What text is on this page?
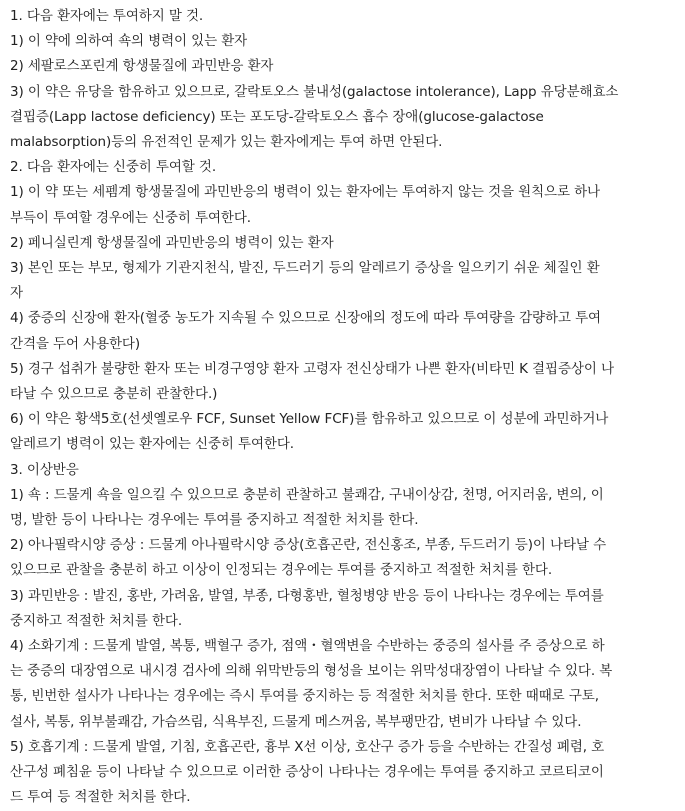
1. 다음 환자에는 투여하지 말 것.
1) 이 약에 의하여 쇽의 병력이 있는 환자
2) 세팔로스포린계 항생물질에 과민반응 환자
3) 이 약은 유당을 함유하고 있으므로, 갈락토오스 불내성(galactose intolerance), Lapp 유당분해효소
결핍증(Lapp lactose deficiency) 또는 포도당-갈락토오스 흡수 장애(glucose-galactose
malabsorption)등의 유전적인 문제가 있는 환자에게는 투여 하면 안된다.
2. 다음 환자에는 신중히 투여할 것.
1) 이 약 또는 세펨계 항생물질에 과민반응의 병력이 있는 환자에는 투여하지 않는 것을 원칙으로 하나
부득이 투여할 경우에는 신중히 투여한다.
2) 페니실린계 항생물질에 과민반응의 병력이 있는 환자
3) 본인 또는 부모, 형제가 기관지천식, 발진, 두드러기 등의 알레르기 증상을 일으키기 쉬운 체질인 환
자
4) 중증의 신장애 환자(혈중 농도가 지속될 수 있으므로 신장애의 정도에 따라 투여량을 감량하고 투여
간격을 두어 사용한다)
5) 경구 섭취가 불량한 환자 또는 비경구영양 환자 고령자 전신상태가 나쁜 환자(비타민 K 결핍증상이 나
타날 수 있으므로 충분히 관찰한다.)
6) 이 약은 황색5호(선셋옐로우 FCF, Sunset Yellow FCF)를 함유하고 있으므로 이 성분에 과민하거나
알레르기 병력이 있는 환자에는 신중히 투여한다.
3. 이상반응
1) 쇽 : 드물게 쇽을 일으킬 수 있으므로 충분히 관찰하고 불쾌감, 구내이상감, 천명, 어지러움, 변의, 이
명, 발한 등이 나타나는 경우에는 투여를 중지하고 적절한 처치를 한다.
2) 아나필락시양 증상 : 드물게 아나필락시양 증상(호흡곤란, 전신홍조, 부종, 두드러기 등)이 나타날 수
있으므로 관찰을 충분히 하고 이상이 인정되는 경우에는 투여를 중지하고 적절한 처치를 한다.
3) 과민반응 : 발진, 홍반, 가려움, 발열, 부종, 다형홍반, 혈청병양 반응 등이 나타나는 경우에는 투여를
중지하고 적절한 처치를 한다.
4) 소화기계 : 드물게 발열, 복통, 백혈구 증가, 점액・혈액변을 수반하는 중증의 설사를 주 증상으로 하
는 중증의 대장염으로 내시경 검사에 의해 위막반등의 형성을 보이는 위막성대장염이 나타날 수 있다. 복
통, 빈번한 설사가 나타나는 경우에는 즉시 투여를 중지하는 등 적절한 처치를 한다. 또한 때때로 구토,
설사, 복통, 위부불쾌감, 가슴쓰림, 식욕부진, 드물게 메스꺼움, 복부팽만감, 변비가 나타날 수 있다.
5) 호흡기계 : 드물게 발열, 기침, 호흡곤란, 흉부 X선 이상, 호산구 증가 등을 수반하는 간질성 폐렴, 호
산구성 폐침윤 등이 나타날 수 있으므로 이러한 증상이 나타나는 경우에는 투여를 중지하고 코르티코이
드 투여 등 적절한 처치를 한다.
